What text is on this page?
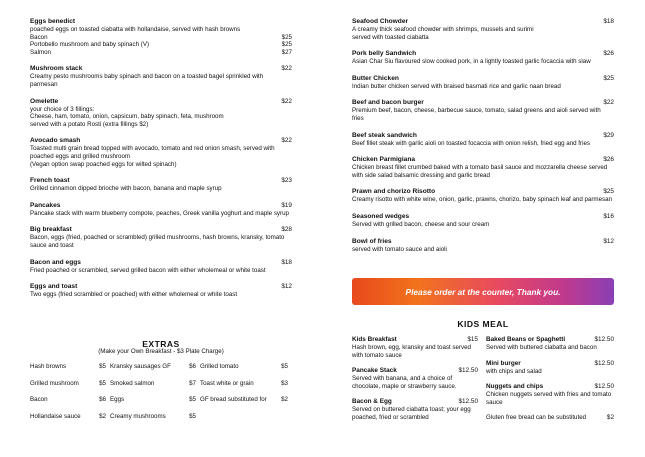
Eggs benedict
poached eggs on toasted ciabatta with hollandaise, served with hash browns
Bacon	$25
Portobello mushroom and baby spinach (V)	$25
Salmon	$27
Mushroom stack	$22
Creamy pesto mushrooms baby spinach and bacon on a toasted bagel sprinkled with parmesan
Omelette	$22
your choice of 3 fillings:
Cheese, ham, tomato, onion, capsicum, baby spinach, feta, mushroom
served with a potato Rosti (extra fillings $2)
Avocado smash	$22
Toasted multi grain bread topped with avocado, tomato and red onion smash, served with poached eggs and grilled mushroom
(Vegan option swap poached eggs for wilted spinach)
French toast	$23
Grilled cinnamon dipped brioche with bacon, banana and maple syrup
Pancakes	$19
Pancake stack with warm blueberry compote, peaches, Greek vanilla yoghurt and maple syrup
Big breakfast	$28
Bacon, eggs (fried, poached or scrambled) grilled mushrooms, hash browns, kransky, tomato sauce and toast
Bacon and eggs	$18
Fried poached or scrambled, served grilled bacon with either wholemeal or white toast
Eggs and toast	$12
Two eggs (fried scrambled or poached) with either wholemeal or white toast
Seafood Chowder	$18
A creamy thick seafood chowder with shrimps, mussels and surimi
served with toasted ciabatta
Pork belly Sandwich	$26
Asian Char Siu flavoured slow cooked pork, in a lightly toasted garlic focaccia with slaw
Butter Chicken	$25
Indian butter chicken served with braised basmati rice and garlic naan bread
Beef and bacon burger	$22
Premium beef, bacon, cheese, barbecue sauce, tomato, salad greens and aioli served with fries
Beef steak sandwich	$29
Beef fillet steak with garlic aioli on toasted focaccia with onion relish, fried egg and fries
Chicken Parmigiana	$26
Chicken breast fillet crumbed baked with a tomato basil sauce and mozzarella cheese served with side salad balsamic dressing and garlic bread
Prawn and chorizo Risotto	$25
Creamy risotto with white wine, onion, garlic, prawns, chorizo, baby spinach leaf and parmesan
Seasoned wedges	$16
Served with grilled bacon, cheese and sour cream
Bowl of fries	$12
served with tomato sauce and aioli
EXTRAS
(Make your Own Breakfast - $3 Plate Charge)
Hash browns	$5 Kransky sausages GF	$6 Grilled tomato	$5
Grilled mushroom	$5 Smoked salmon	$7 Toast white or grain	$3
Bacon	$6 Eggs	$5 GF bread substituted for $2
Hollandaise sauce	$2 Creamy mushrooms	$5
Please order at the counter, Thank you.
KIDS MEAL
Kids Breakfast	$15
Hash brown, egg, kransky and toast served with tomato sauce
Pancake Stack	$12.50
Served with banana, and a choice of chocolate, maple or strawberry sauce.
Bacon & Egg	$12.50
Served on buttered ciabatta toast; your egg poached, fried or scrambled
Baked Beans or Spaghetti	$12.50
Served with buttered ciabatta and bacon
Mini burger	$12.50
with chips and salad
Nuggets and chips	$12.50
Chicken nuggets served with fries and tomato sauce
$2
Gluten free bread can be substituted
